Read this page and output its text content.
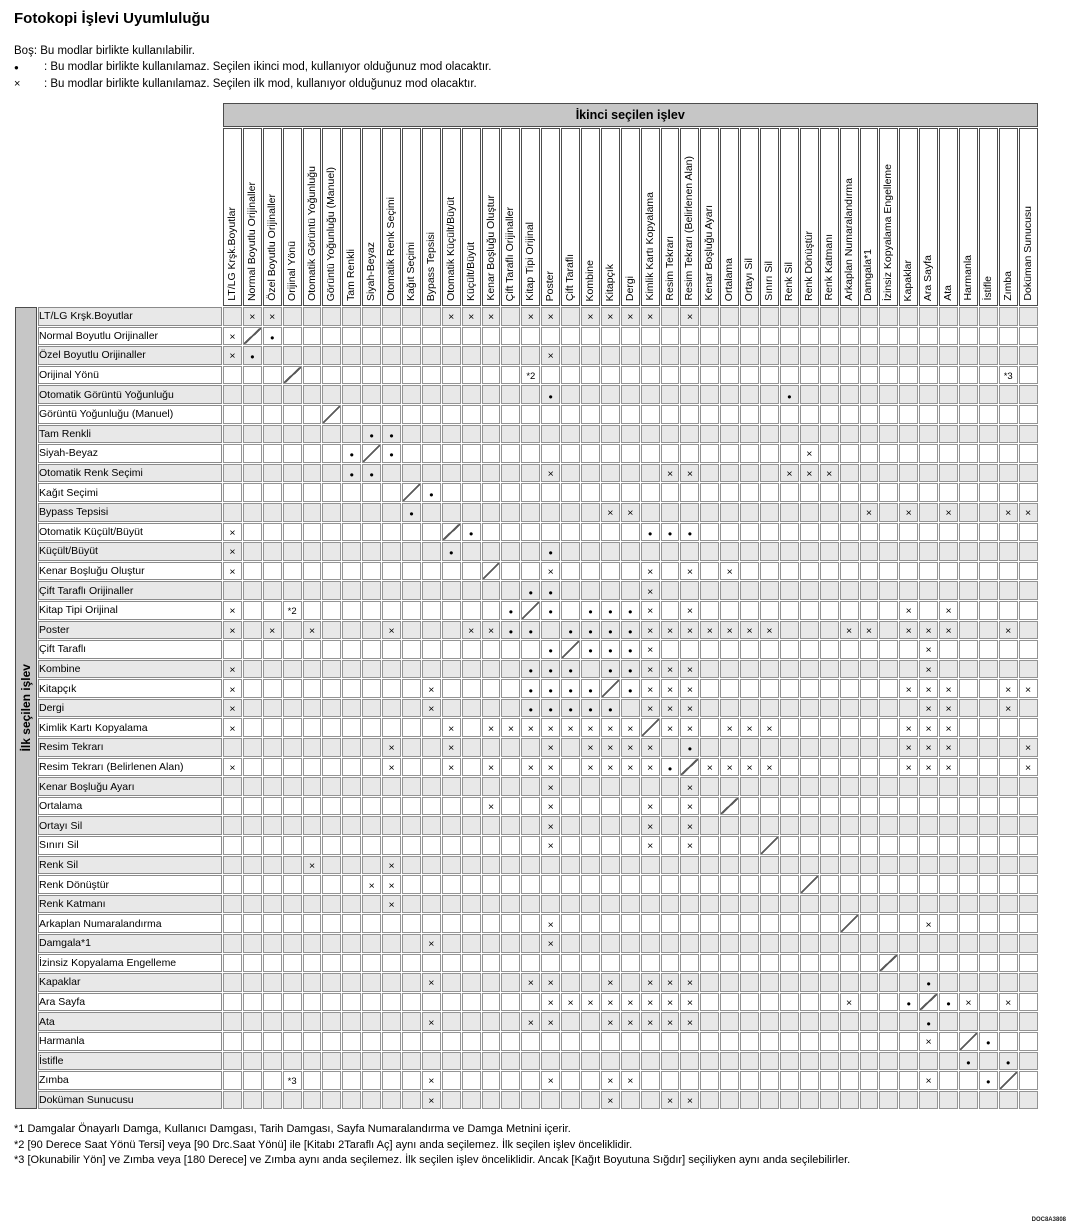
Fotokopi İşlevi Uyumluluğu
Boş: Bu modlar birlikte kullanılabilir.
●	: Bu modlar birlikte kullanılamaz. Seçilen ikinci mod, kullanıyor olduğunuz mod olacaktır.
×	: Bu modlar birlikte kullanılamaz. Seçilen ilk mod, kullanıyor olduğunuz mod olacaktır.
		İkinci seçilen işlev																																								

		LT/LG Krşk.Boyutlar	Normal Boyutlu Orijinaller	Özel Boyutlu Orijinaller	Orijinal Yönü	Otomatik Görüntü Yoğunluğu	Görüntü Yoğunluğu (Manuel)	Tam Renkli	Siyah-Beyaz	Otomatik Renk Seçimi	Kağıt Seçimi	Bypass Tepsisi	Otomatik Küçült/Büyüt	Küçült/Büyüt	Kenar Boşluğu Oluştur	Çift Taraflı Orijinaller	Kitap Tipi Orijinal	Poster	Çift Taraflı	Kombine	Kitapçık	Dergi	Kimlik Kartı Kopyalama	Resim Tekrarı	Resim Tekrarı (Belirlenen Alan)	Kenar Boşluğu Ayarı	Ortalama	Ortayı Sil	Sınırı Sil	Renk Sil	Renk Dönüştür	Renk Katmanı	Arkaplan Numaralandırma	Damgala*1	İzinsiz Kopyalama Engelleme	Kapaklar	Ara Sayfa	Ata	Harmanla	İstifle	Zımba	Doküman Sunucusu

İlk seçilen işlev	LT/LG Krşk.Boyutlar		×	×									×	×	×		×	×		×	×	×	×		×																	
	Normal Boyutlu Orijinaller	×		●																																						
	Özel Boyutlu Orijinaller	×	●															×																								
	Orijinal Yönü																*2																								*3	
	Otomatik Görüntü Yoğunluğu																	●												●												
	Görüntü Yoğunluğu (Manuel)																																									
	Tam Renkli								●	●																																
	Siyah-Beyaz							●		●																					×											
	Otomatik Renk Seçimi							●	●									×						×	×					×	×	×										
	Kağıt Seçimi											●																														
	Bypass Tepsisi										●										×	×												×		×		×			×	×
	Otomatik Küçült/Büyüt	×												●									●	●	●																	
	Küçült/Büyüt	×											●					●																								
	Kenar Boşluğu Oluştur	×																×					×		×		×															
	Çift Taraflı Orijinaller																●	●					×																			
	Kitap Tipi Orijinal	×			*2											●		●		●	●	●	×		×											×		×				
	Poster	×		×		×				×				×	×	●	●		●	●	●	●	×	×	×	×	×	×	×				×	×		×	×	×			×	
	Çift Taraflı																	●		●	●	●	×														×					
	Kombine	×															●	●	●		●	●	×	×	×												×					
	Kitapçık	×										×					●	●	●	●		●	×	×	×											×	×	×			×	×
	Dergi	×										×					●	●	●	●	●		×	×	×												×	×			×	
	Kimlik Kartı Kopyalama	×											×		×	×	×	×	×	×	×	×		×	×		×	×	×							×	×	×				
	Resim Tekrarı									×			×					×		×	×	×	×		●											×	×	×				×
	Resim Tekrarı (Belirlenen Alan)	×								×			×		×		×	×		×	×	×	×	●		×	×	×	×							×	×	×				×
	Kenar Boşluğu Ayarı																	×							×																	
	Ortalama														×			×					×		×																	
	Ortayı Sil																	×					×		×																	
	Sınırı Sil																	×					×		×																	
	Renk Sil					×				×																																
	Renk Dönüştür								×	×																																
	Renk Katmanı									×																																
	Arkaplan Numaralandırma																	×																			×					
	Damgala*1											×						×																								
	İzinsiz Kopyalama Engelleme																																									
	Kapaklar											×					×	×			×		×	×	×												●					
	Ara Sayfa																	×	×	×	×	×	×	×	×								×			●		●	×		×	
	Ata											×					×	×			×	×	×	×	×												●					
	Harmanla																																				×			●		
	İstifle																																						●		●	
	Zımba				*3							×						×			×	×															×			●		
	Doküman Sunucusu											×									×			×	×																	
*1 Damgalar Önayarlı Damga, Kullanıcı Damgası, Tarih Damgası, Sayfa Numaralandırma ve Damga Metnini içerir.
*2 [90 Derece Saat Yönü Tersi] veya [90 Drc.Saat Yönü] ile [Kitabı 2Taraflı Aç] aynı anda seçilemez. İlk seçilen işlev önceliklidir.
*3 [Okunabilir Yön] ve Zımba veya [180 Derece] ve Zımba aynı anda seçilemez. İlk seçilen işlev önceliklidir. Ancak [Kağıt Boyutuna Sığdır] seçiliyken aynı anda seçilebilirler.
DOC8A3808
